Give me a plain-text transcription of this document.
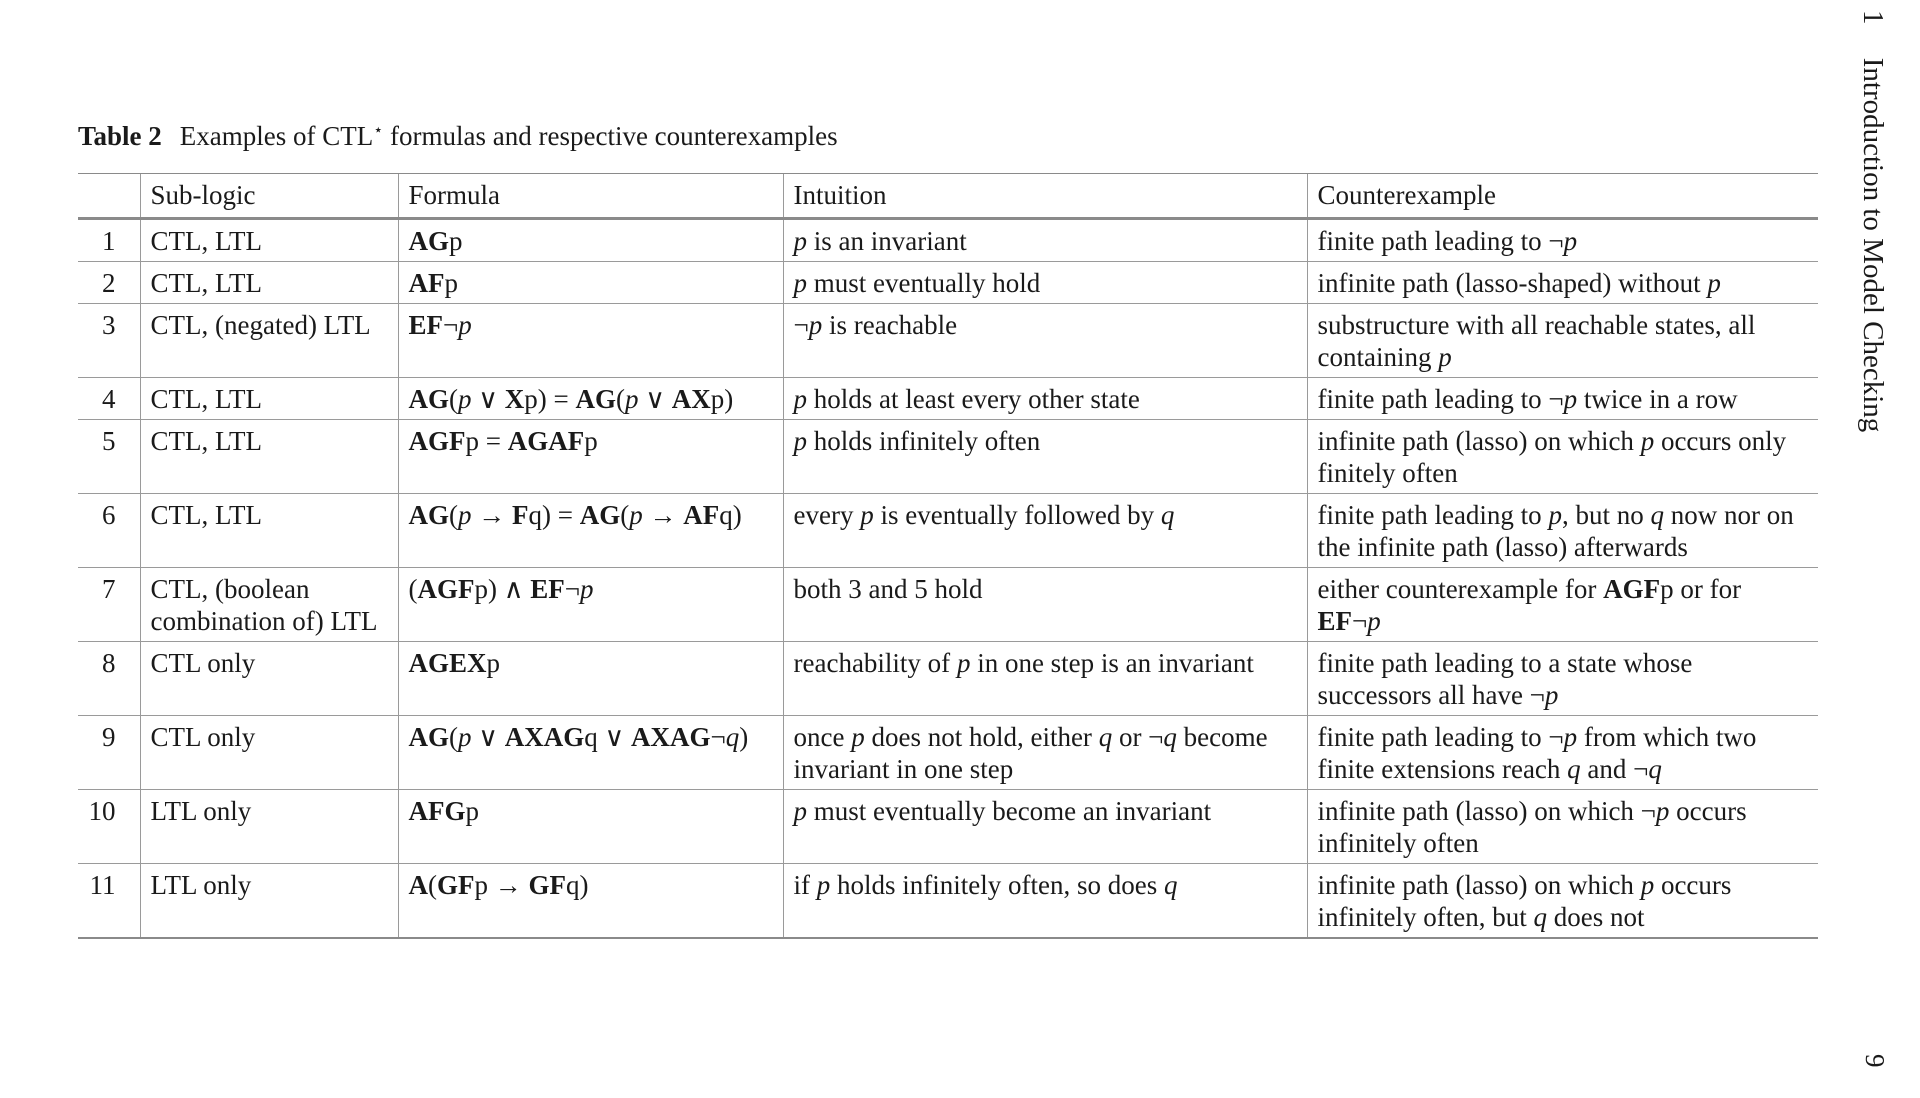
Table 2 Examples of CTL⋆ formulas and respective counterexamples
	Sub-logic	Formula	Intuition	Counterexample
1	CTL, LTL	AGp	p is an invariant	finite path leading to ¬p
2	CTL, LTL	AFp	p must eventually hold	infinite path (lasso-shaped) without p
3	CTL, (negated) LTL	EF¬p	¬p is reachable	substructure with all reachable states, all containing p
4	CTL, LTL	AG(p ∨ Xp) = AG(p ∨ AXp)	p holds at least every other state	finite path leading to ¬p twice in a row
5	CTL, LTL	AGFp = AGAFp	p holds infinitely often	infinite path (lasso) on which p occurs only finitely often
6	CTL, LTL	AG(p → Fq) = AG(p → AFq)	every p is eventually followed by q	finite path leading to p, but no q now nor on the infinite path (lasso) afterwards
7	CTL, (boolean combination of) LTL	(AGFp) ∧ EF¬p	both 3 and 5 hold	either counterexample for AGFp or for EF¬p
8	CTL only	AGEXp	reachability of p in one step is an invariant	finite path leading to a state whose successors all have ¬p
9	CTL only	AG(p ∨ AXAGq ∨ AXAG¬q)	once p does not hold, either q or ¬q become invariant in one step	finite path leading to ¬p from which two finite extensions reach q and ¬q
10	LTL only	AFGp	p must eventually become an invariant	infinite path (lasso) on which ¬p occurs infinitely often
11	LTL only	A(GFp → GFq)	if p holds infinitely often, so does q	infinite path (lasso) on which p occurs infinitely often, but q does not
1 Introduction to Model Checking
9
